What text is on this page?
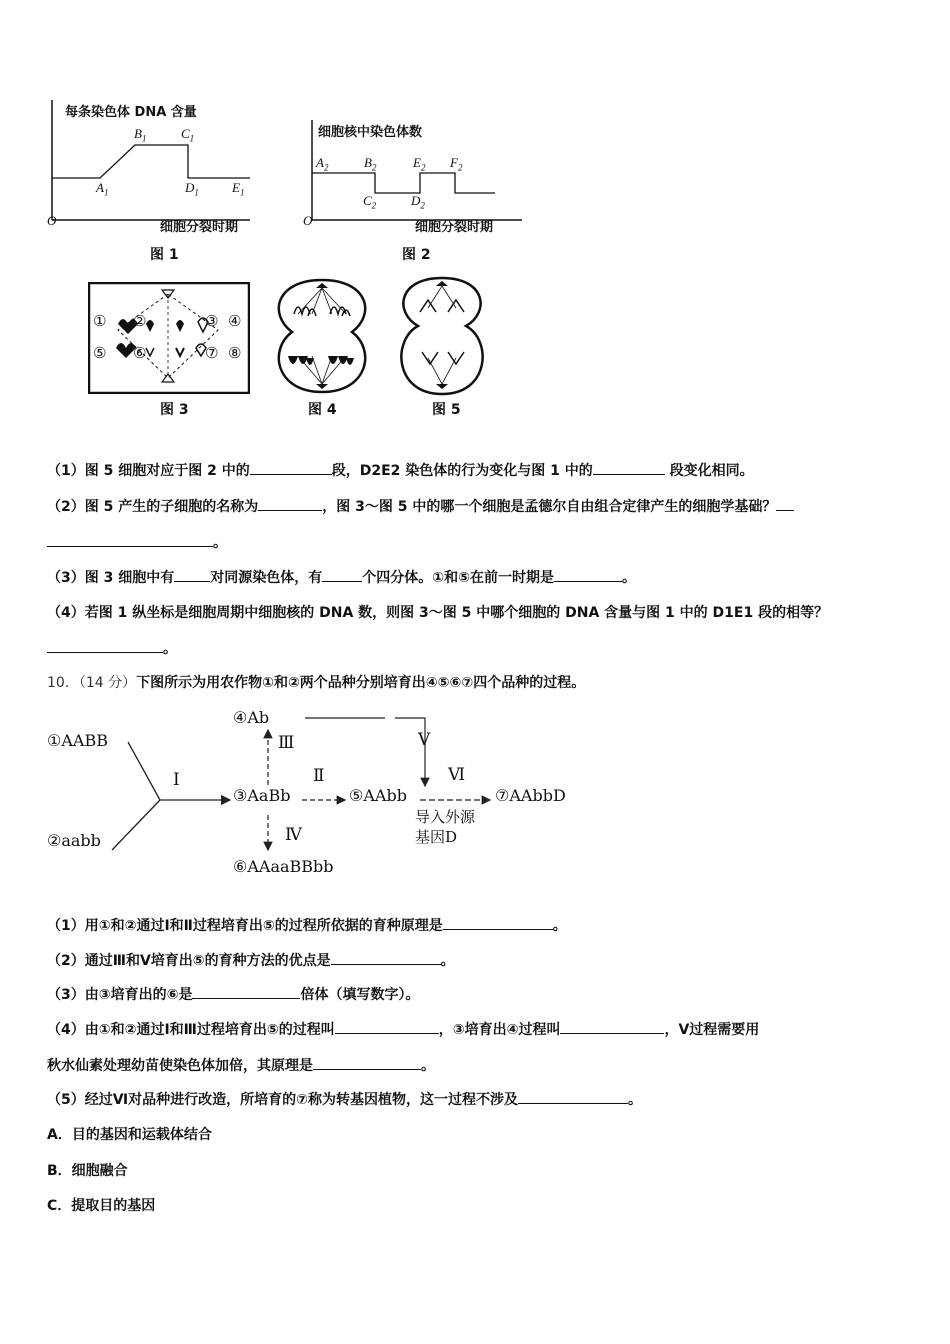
每条染色体 DNA 含量
O	细胞分裂时期
$A_1$
$B_1$	$C_1$
$D_1$	$E_1$
图 1
细胞核中染色体数
O	细胞分裂时期
$A_2$	$B_2$
$C_2$	$D_2$
$E_2$ $F_2$
图 2
① ②	③ ④
⑤ ⑥	⑦ ⑧
图 3	图 4	图 5
（1）图 5 细胞对应于图 2 中的	段，D2E2 染色体的行为变化与图 1 中的	段变化相同。
（2）图 5 产生的子细胞的名称为	，图 3～图 5 中的哪一个细胞是孟德尔自由组合定律产生的细胞学基础？
。
（3）图 3 细胞中有	对同源染色体，有	个四分体。①和⑤在前一时期是	。
（4）若图 1 纵坐标是细胞周期中细胞核的 DNA 数，则图 3～图 5 中哪个细胞的 DNA 含量与图 1 中的 D1E1 段的相等？
。
10．（14 分）下图所示为用农作物①和②两个品种分别培育出④⑤⑥⑦四个品种的过程。
①AABB
②aabb
③AaBb
④Ab
⑤AAbb
⑥AAaaBBbb
⑦AAbbD
Ⅰ	Ⅱ
Ⅲ
Ⅳ
Ⅴ
Ⅵ
导入外源
基因D
（1）用①和②通过Ⅰ和Ⅱ过程培育出⑤的过程所依据的育种原理是	。
（2）通过Ⅲ和Ⅴ培育出⑤的育种方法的优点是	。
（3）由③培育出的⑥是	倍体（填写数字）。
（4）由①和②通过Ⅰ和Ⅲ过程培育出⑤的过程叫	，③培育出④过程叫	，Ⅴ过程需要用
秋水仙素处理幼苗使染色体加倍，其原理是	。
（5）经过Ⅵ对品种进行改造，所培育的⑦称为转基因植物，这一过程不涉及	。
A．目的基因和运载体结合
B．细胞融合
C．提取目的基因
